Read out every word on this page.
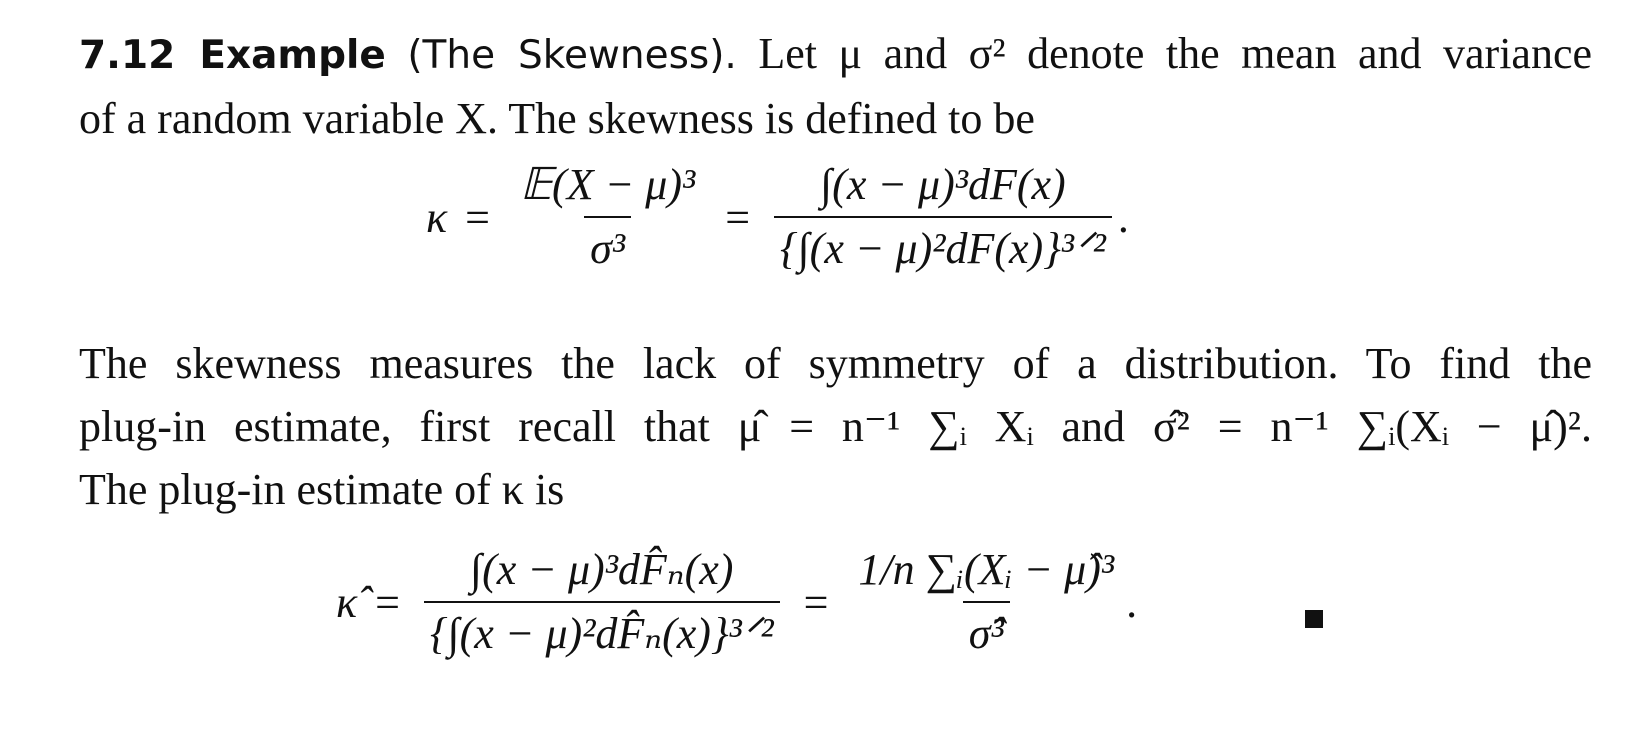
7.12 Example (The Skewness). Let μ and σ² denote the mean and variance
of a random variable X. The skewness is defined to be
$\kappa = \frac{\text{𝔼(X − μ)³}}{\text{σ³}} = \frac{\text{∫(x − μ)³dF(x)}}{\text{\{∫(x − μ)²dF(x)\}³ᐟ²}}$ .
The skewness measures the lack of symmetry of a distribution. To find the
plug-in estimate, first recall that μ̂ = n⁻¹ ∑ᵢ Xᵢ and σ̂² = n⁻¹ ∑ᵢ(Xᵢ − μ̂)².
The plug-in estimate of κ is
κ̂ = $\frac{\text{∫(x − μ)³dF̂ₙ(x)}}{\text{\{∫(x − μ)²dF̂ₙ(x)\}³ᐟ²}} = \frac{\text{1/n ∑ᵢ(Xᵢ − μ̂)³}}{\text{σ̂³}}$ .
